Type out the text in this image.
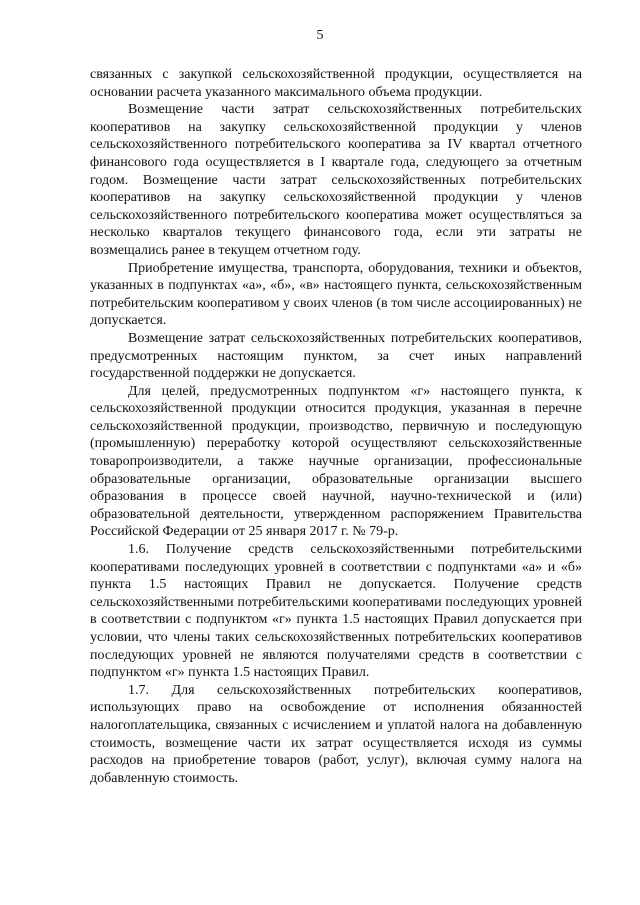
5

связанных с закупкой сельскохозяйственной продукции, осуществляется на основании расчета указанного максимального объема продукции.

Возмещение части затрат сельскохозяйственных потребительских кооперативов на закупку сельскохозяйственной продукции у членов сельскохозяйственного потребительского кооператива за IV квартал отчетного финансового года осуществляется в I квартале года, следующего за отчетным годом. Возмещение части затрат сельскохозяйственных потребительских кооперативов на закупку сельскохозяйственной продукции у членов сельскохозяйственного потребительского кооператива может осуществляться за несколько кварталов текущего финансового года, если эти затраты не возмещались ранее в текущем отчетном году.

Приобретение имущества, транспорта, оборудования, техники и объектов, указанных в подпунктах «а», «б», «в» настоящего пункта, сельскохозяйственным потребительским кооперативом у своих членов (в том числе ассоциированных) не допускается.

Возмещение затрат сельскохозяйственных потребительских кооперативов, предусмотренных настоящим пунктом, за счет иных направлений государственной поддержки не допускается.

Для целей, предусмотренных подпунктом «г» настоящего пункта, к сельскохозяйственной продукции относится продукция, указанная в перечне сельскохозяйственной продукции, производство, первичную и последующую (промышленную) переработку которой осуществляют сельскохозяйственные товаропроизводители, а также научные организации, профессиональные образовательные организации, образовательные организации высшего образования в процессе своей научной, научно-технической и (или) образовательной деятельности, утвержденном распоряжением Правительства Российской Федерации от 25 января 2017 г. № 79-р.

1.6. Получение средств сельскохозяйственными потребительскими кооперативами последующих уровней в соответствии с подпунктами «а» и «б» пункта 1.5 настоящих Правил не допускается. Получение средств сельскохозяйственными потребительскими кооперативами последующих уровней в соответствии с подпунктом «г» пункта 1.5 настоящих Правил допускается при условии, что члены таких сельскохозяйственных потребительских кооперативов последующих уровней не являются получателями средств в соответствии с подпунктом «г» пункта 1.5 настоящих Правил.

1.7. Для сельскохозяйственных потребительских кооперативов, использующих право на освобождение от исполнения обязанностей налогоплательщика, связанных с исчислением и уплатой налога на добавленную стоимость, возмещение части их затрат осуществляется исходя из суммы расходов на приобретение товаров (работ, услуг), включая сумму налога на добавленную стоимость.
